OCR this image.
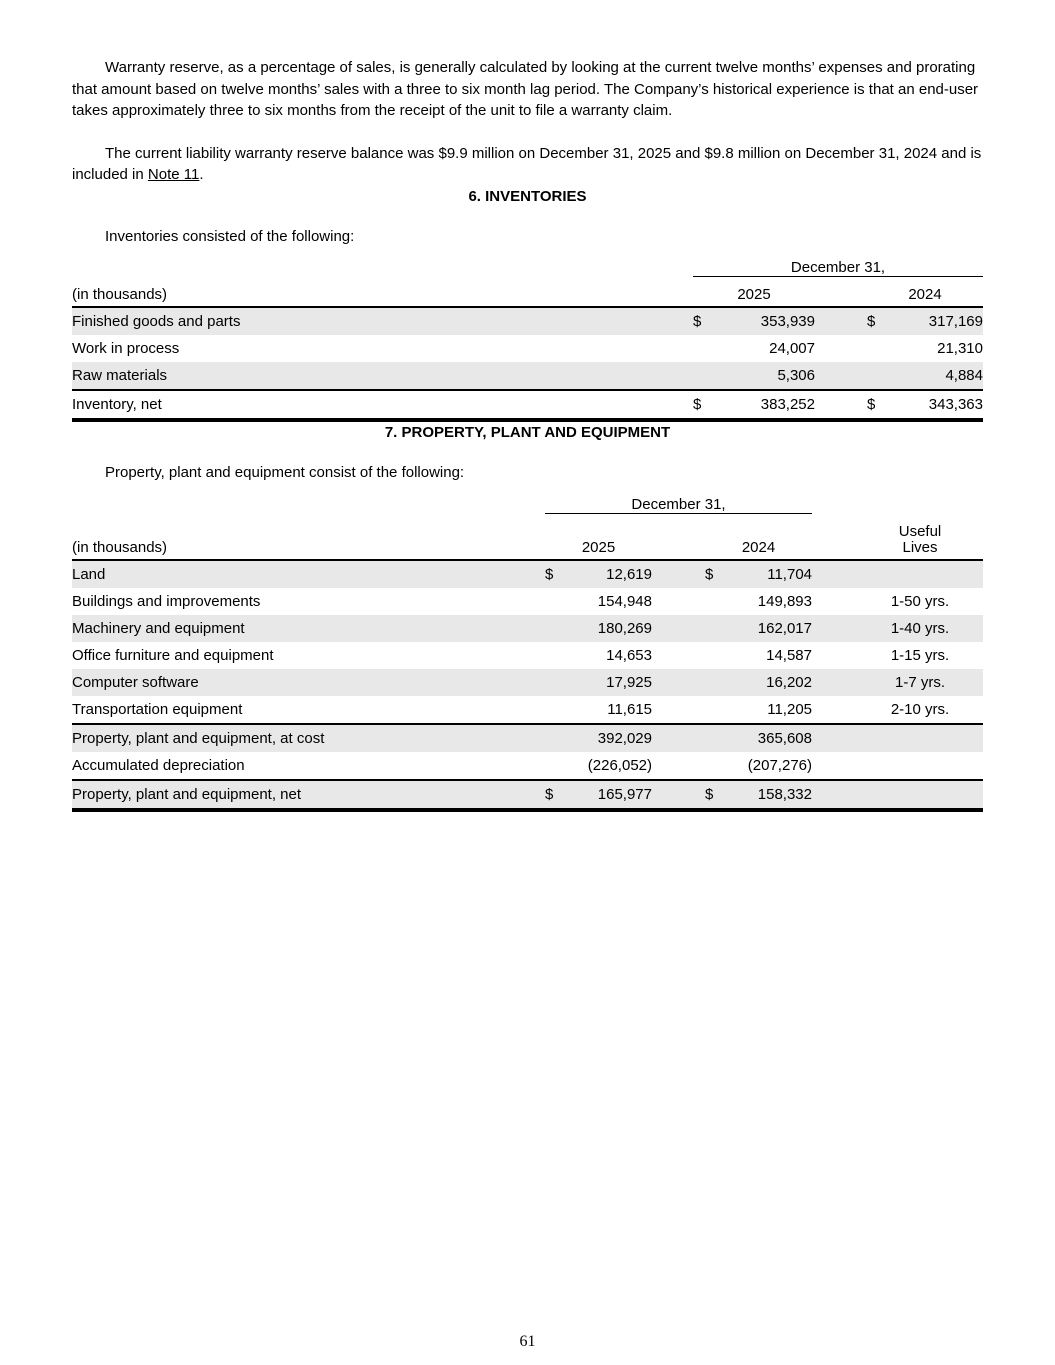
Warranty reserve, as a percentage of sales, is generally calculated by looking at the current twelve months’ expenses and prorating that amount based on twelve months’ sales with a three to six month lag period. The Company’s historical experience is that an end-user takes approximately three to six months from the receipt of the unit to file a warranty claim.

The current liability warranty reserve balance was $9.9 million on December 31, 2025 and $9.8 million on December 31, 2024 and is included in Note 11.

6. INVENTORIES

Inventories consisted of the following:

	December 31,				
(in thousands)	2025			2024	
Finished goods and parts	$	353,939		$	317,169
Work in process		24,007			21,310
Raw materials		5,306			4,884
Inventory, net	$	383,252		$	343,363
7. PROPERTY, PLANT AND EQUIPMENT

Property, plant and equipment consist of the following:

	December 31,						
(in thousands)	2025			2024			Useful
Lives
Land	$	12,619		$	11,704		
Buildings and improvements		154,948			149,893		1-50 yrs.
Machinery and equipment		180,269			162,017		1-40 yrs.
Office furniture and equipment		14,653			14,587		1-15 yrs.
Computer software		17,925			16,202		1-7 yrs.
Transportation equipment		11,615			11,205		2-10 yrs.
Property, plant and equipment, at cost		392,029			365,608		
Accumulated depreciation		(226,052)			(207,276)		
Property, plant and equipment, net	$	165,977		$	158,332		
61
